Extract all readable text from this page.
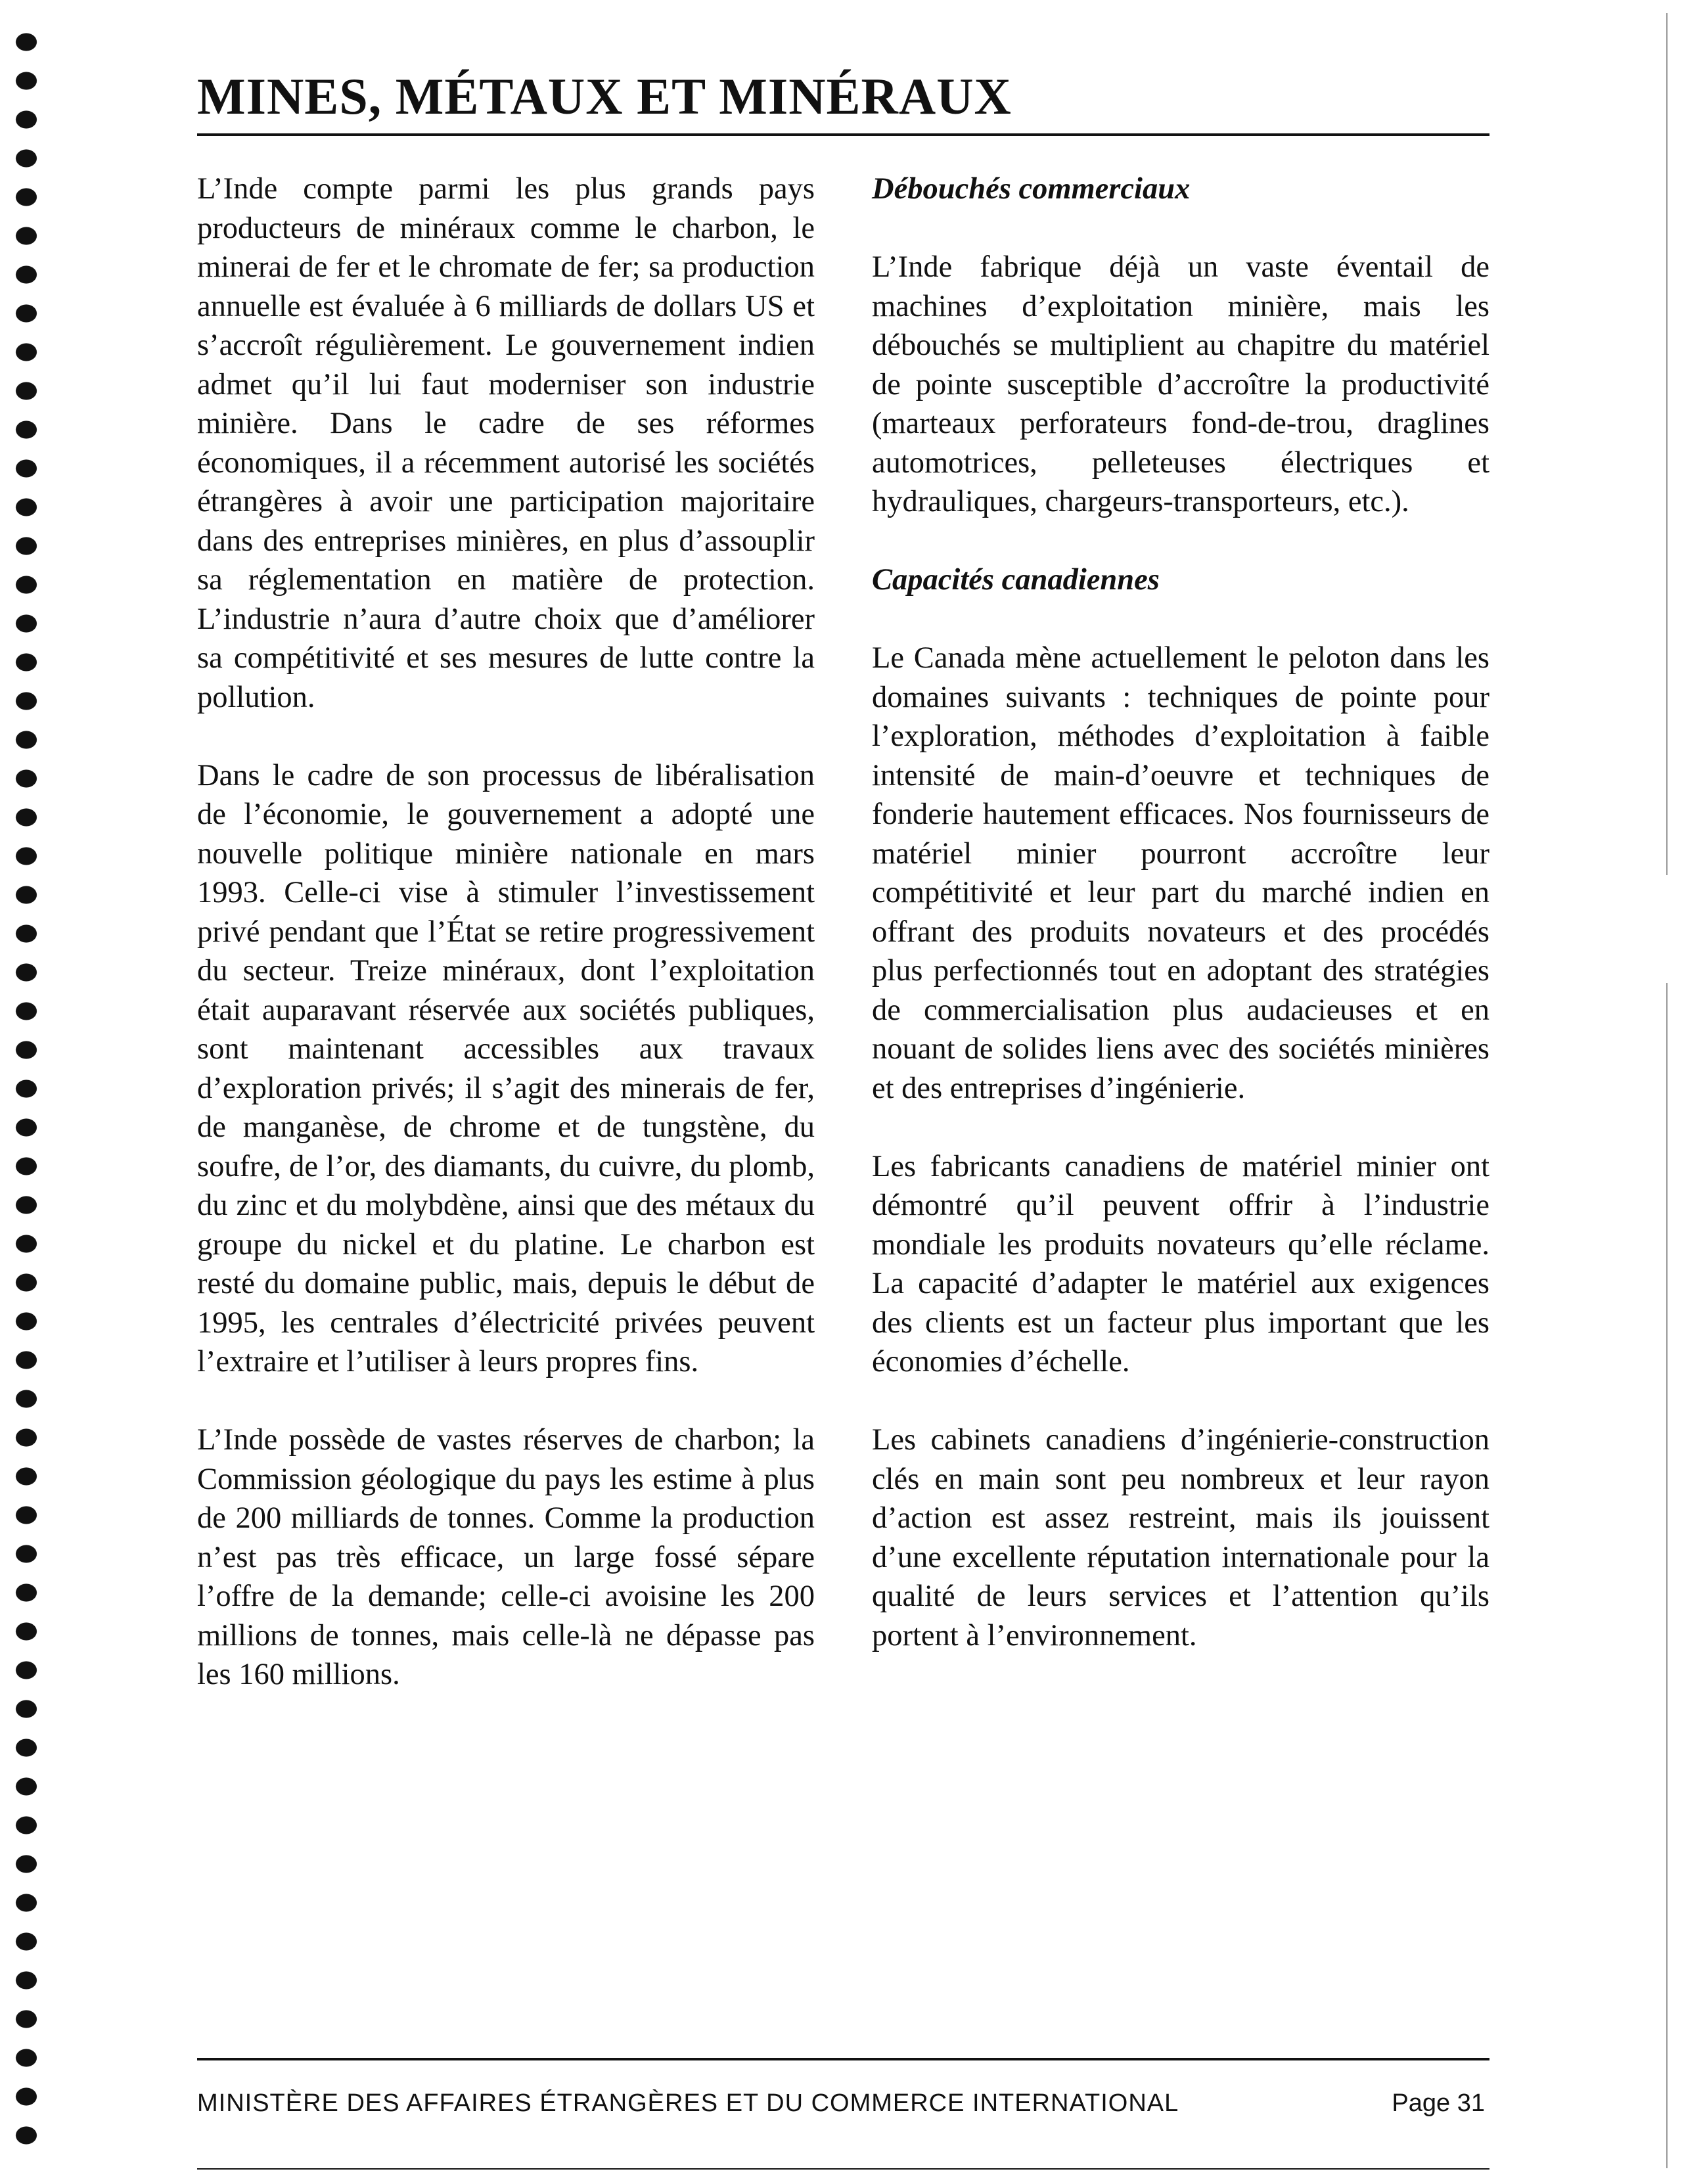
MINES, MÉTAUX ET MINÉRAUX

L’Inde compte parmi les plus grands pays producteurs de minéraux comme le charbon, le minerai de fer et le chromate de fer; sa production annuelle est évaluée à 6 milliards de dollars US et s’accroît régulièrement. Le gouvernement indien admet qu’il lui faut moderniser son industrie minière. Dans le cadre de ses réformes économiques, il a récemment autorisé les sociétés étrangères à avoir une participation majoritaire dans des entreprises minières, en plus d’assouplir sa réglementation en matière de protection. L’industrie n’aura d’autre choix que d’améliorer sa compétitivité et ses mesures de lutte contre la pollution.

Dans le cadre de son processus de libéralisation de l’économie, le gouvernement a adopté une nouvelle politique minière nationale en mars 1993. Celle-ci vise à stimuler l’investissement privé pendant que l’État se retire progressivement du secteur. Treize minéraux, dont l’exploitation était auparavant réservée aux sociétés publiques, sont maintenant accessibles aux travaux d’exploration privés; il s’agit des minerais de fer, de manganèse, de chrome et de tungstène, du soufre, de l’or, des diamants, du cuivre, du plomb, du zinc et du molybdène, ainsi que des métaux du groupe du nickel et du platine. Le charbon est resté du domaine public, mais, depuis le début de 1995, les centrales d’électricité privées peuvent l’extraire et l’utiliser à leurs propres fins.

L’Inde possède de vastes réserves de charbon; la Commission géologique du pays les estime à plus de 200 milliards de tonnes. Comme la production n’est pas très efficace, un large fossé sépare l’offre de la demande; celle-ci avoisine les 200 millions de tonnes, mais celle-là ne dépasse pas les 160 millions.

Débouchés commerciaux

L’Inde fabrique déjà un vaste éventail de machines d’exploitation minière, mais les débouchés se multiplient au chapitre du matériel de pointe susceptible d’accroître la productivité (marteaux perforateurs fond-de-trou, draglines automotrices, pelleteuses électriques et hydrauliques, chargeurs-transporteurs, etc.).

Capacités canadiennes

Le Canada mène actuellement le peloton dans les domaines suivants : techniques de pointe pour l’exploration, méthodes d’exploitation à faible intensité de main-d’oeuvre et techniques de fonderie hautement efficaces. Nos fournisseurs de matériel minier pourront accroître leur compétitivité et leur part du marché indien en offrant des produits novateurs et des procédés plus perfectionnés tout en adoptant des stratégies de commercialisation plus audacieuses et en nouant de solides liens avec des sociétés minières et des entreprises d’ingénierie.

Les fabricants canadiens de matériel minier ont démontré qu’il peuvent offrir à l’industrie mondiale les produits novateurs qu’elle réclame. La capacité d’adapter le matériel aux exigences des clients est un facteur plus important que les économies d’échelle.

Les cabinets canadiens d’ingénierie-construction clés en main sont peu nombreux et leur rayon d’action est assez restreint, mais ils jouissent d’une excellente réputation internationale pour la qualité de leurs services et l’attention qu’ils portent à l’environnement.

MINISTÈRE DES AFFAIRES ÉTRANGÈRES ET DU COMMERCE INTERNATIONAL	Page 31
